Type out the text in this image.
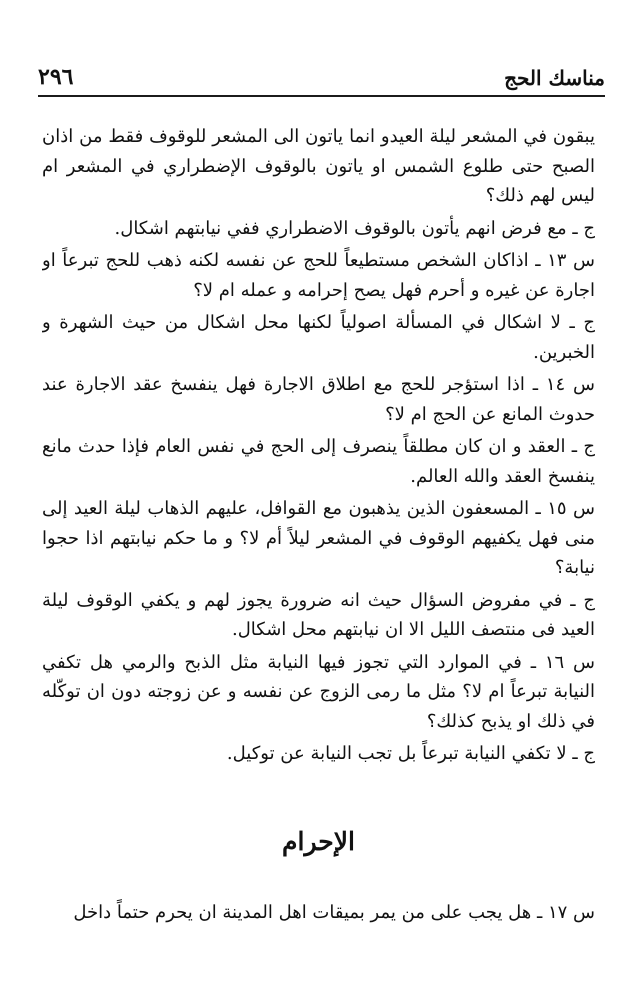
مناسك الحج
٢٩٦

يبقون في المشعر ليلة العيدو انما ياتون الى المشعر للوقوف فقط من اذان الصبح حتى طلوع الشمس او ياتون بالوقوف الإضطراري في المشعر ام ليس لهم ذلك؟

ج ـ مع فرض انهم يأتون بالوقوف الاضطراري ففي نيابتهم اشكال.

س ١٣ ـ اذاكان الشخص مستطيعاً للحج عن نفسه لكنه ذهب للحج تبرعاً او اجارة عن غيره و أحرم فهل يصح إحرامه و عمله ام لا؟

ج ـ لا اشكال في المسألة اصولياً لكنها محل اشكال من حيث الشهرة و الخبرين.

س ١٤ ـ اذا استؤجر للحج مع اطلاق الاجارة فهل ينفسخ عقد الاجارة عند حدوث المانع عن الحج ام لا؟

ج ـ العقد و ان كان مطلقاً ينصرف إلى الحج في نفس العام فإذا حدث مانع ينفسخ العقد والله العالم.

س ١٥ ـ المسعفون الذين يذهبون مع القوافل، عليهم الذهاب ليلة العيد إلى منى فهل يكفيهم الوقوف في المشعر ليلاً أم لا؟ و ما حكم نيابتهم اذا حجوا نيابة؟

ج ـ في مفروض السؤال حيث انه ضرورة يجوز لهم و يكفي الوقوف ليلة العيد فى منتصف الليل الا ان نيابتهم محل اشكال.

س ١٦ ـ في الموارد التي تجوز فيها النيابة مثل الذبح والرمي هل تكفي النيابة تبرعاً ام لا؟ مثل ما رمى الزوج عن نفسه و عن زوجته دون ان توكّله في ذلك او يذبح كذلك؟

ج ـ لا تكفي النيابة تبرعاً بل تجب النيابة عن توكيل.

الإحرام

س ١٧ ـ هل يجب على من يمر بميقات اهل المدينة ان يحرم حتماً داخل
